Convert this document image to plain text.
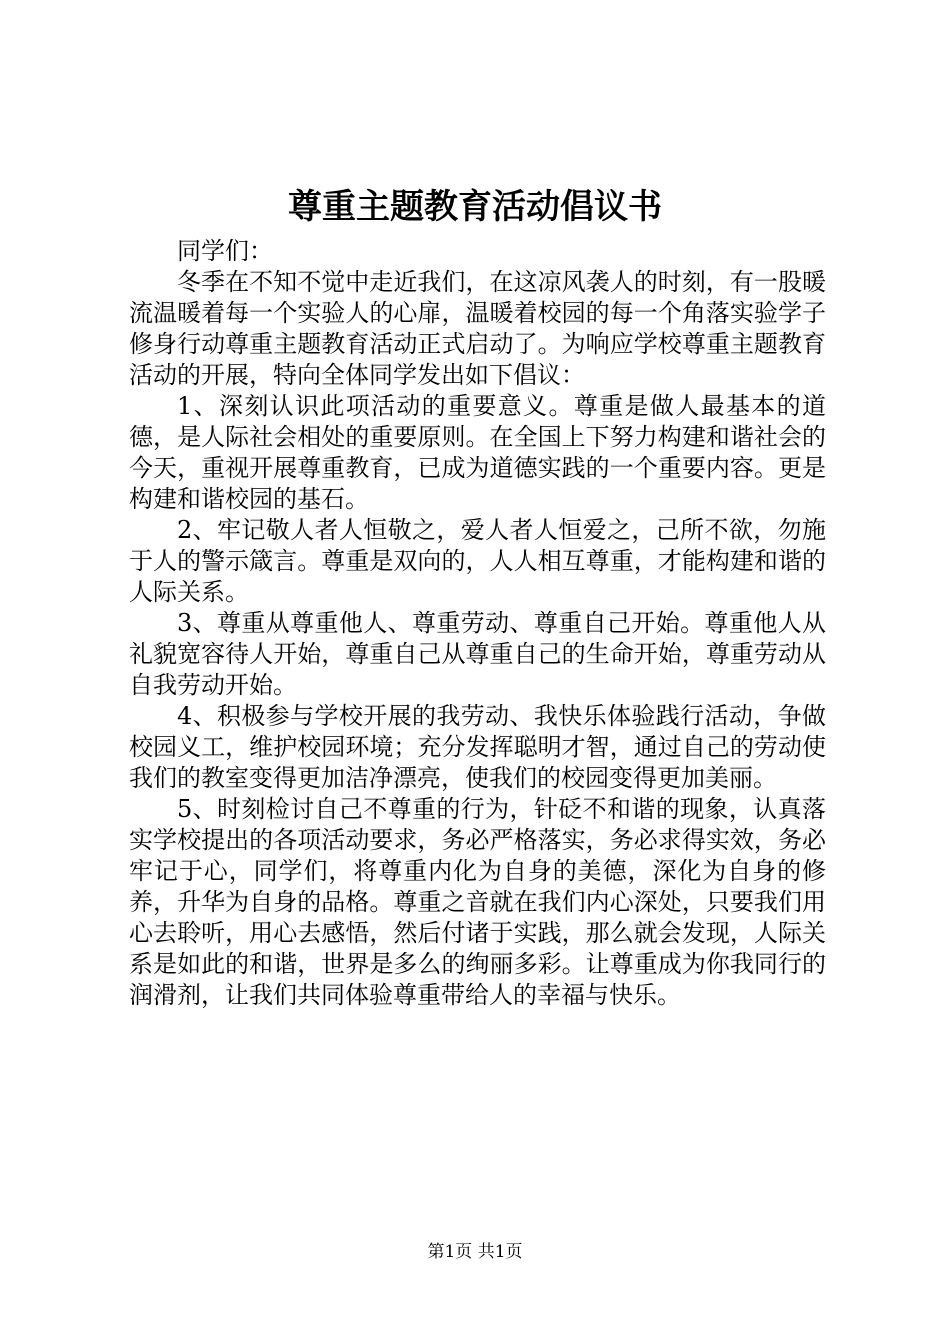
尊重主题教育活动倡议书

同学们：

冬季在不知不觉中走近我们，在这凉风袭人的时刻，有一股暖流温暖着每一个实验人的心扉，温暖着校园的每一个角落实验学子修身行动尊重主题教育活动正式启动了。为响应学校尊重主题教育活动的开展，特向全体同学发出如下倡议：

1、深刻认识此项活动的重要意义。尊重是做人最基本的道德，是人际社会相处的重要原则。在全国上下努力构建和谐社会的今天，重视开展尊重教育，已成为道德实践的一个重要内容。更是构建和谐校园的基石。

2、牢记敬人者人恒敬之，爱人者人恒爱之，己所不欲，勿施于人的警示箴言。尊重是双向的，人人相互尊重，才能构建和谐的人际关系。

3、尊重从尊重他人、尊重劳动、尊重自己开始。尊重他人从礼貌宽容待人开始，尊重自己从尊重自己的生命开始，尊重劳动从自我劳动开始。

4、积极参与学校开展的我劳动、我快乐体验践行活动，争做校园义工，维护校园环境；充分发挥聪明才智，通过自己的劳动使我们的教室变得更加洁净漂亮，使我们的校园变得更加美丽。

5、时刻检讨自己不尊重的行为，针砭不和谐的现象，认真落实学校提出的各项活动要求，务必严格落实，务必求得实效，务必牢记于心，同学们，将尊重内化为自身的美德，深化为自身的修养，升华为自身的品格。尊重之音就在我们内心深处，只要我们用心去聆听，用心去感悟，然后付诸于实践，那么就会发现，人际关系是如此的和谐，世界是多么的绚丽多彩。让尊重成为你我同行的润滑剂，让我们共同体验尊重带给人的幸福与快乐。

第1页 共1页
